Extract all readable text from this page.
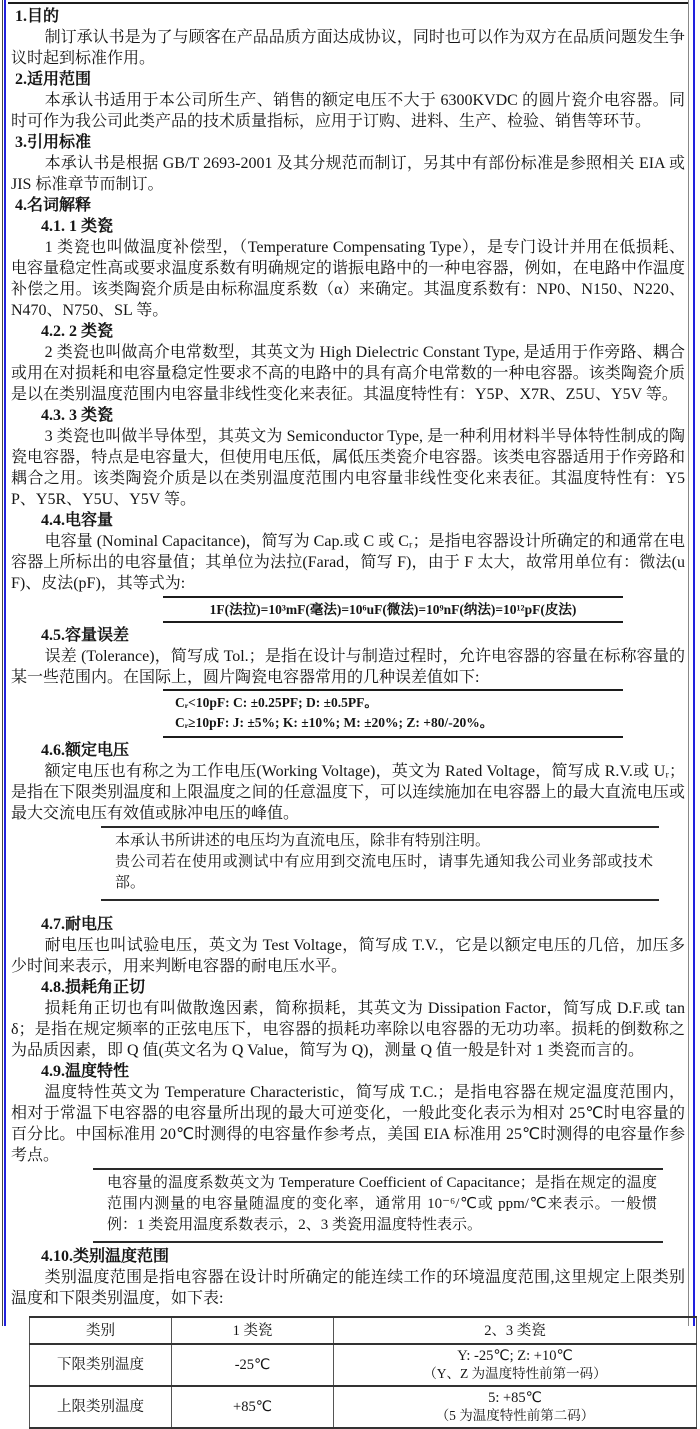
1.目的

制订承认书是为了与顾客在产品品质方面达成协议，同时也可以作为双方在品质问题发生争议时起到标准作用。

2.适用范围

本承认书适用于本公司所生产、销售的额定电压不大于 6300KVDC 的圆片瓷介电容器。同时可作为我公司此类产品的技术质量指标，应用于订购、进料、生产、检验、销售等环节。

3.引用标准

本承认书是根据 GB/T 2693-2001 及其分规范而制订，另其中有部份标准是参照相关 EIA 或 JIS 标准章节而制订。

4.名词解释
4.1. 1 类瓷

1 类瓷也叫做温度补偿型，（Temperature Compensating Type），是专门设计并用在低损耗、电容量稳定性高或要求温度系数有明确规定的谐振电路中的一种电容器，例如，在电路中作温度补偿之用。该类陶瓷介质是由标称温度系数（α）来确定。其温度系数有：NP0、N150、N220、N470、N750、SL 等。

4.2. 2 类瓷

2 类瓷也叫做高介电常数型，其英文为 High Dielectric Constant Type, 是适用于作旁路、耦合或用在对损耗和电容量稳定性要求不高的电路中的具有高介电常数的一种电容器。该类陶瓷介质是以在类别温度范围内电容量非线性变化来表征。其温度特性有：Y5P、X7R、Z5U、Y5V 等。

4.3. 3 类瓷

3 类瓷也叫做半导体型，其英文为 Semiconductor Type, 是一种利用材料半导体特性制成的陶瓷电容器，特点是电容量大，但使用电压低，属低压类瓷介电容器。该类电容器适用于作旁路和耦合之用。该类陶瓷介质是以在类别温度范围内电容量非线性变化来表征。其温度特性有：Y5P、Y5R、Y5U、Y5V 等。

4.4.电容量

电容量 (Nominal Capacitance)，简写为 Cap.或 C 或 Cᵣ；是指电容器设计所确定的和通常在电容器上所标出的电容量值；其单位为法拉(Farad，简写 F)，由于 F 太大，故常用单位有：微法(uF)、皮法(pF)，其等式为:

1F(法拉)=10³mF(毫法)=10⁶uF(微法)=10⁹nF(纳法)=10¹²pF(皮法)
4.5.容量误差

误差 (Tolerance)，简写成 Tol.；是指在设计与制造过程时，允许电容器的容量在标称容量的某一些范围内。在国际上，圆片陶瓷电容器常用的几种误差值如下:

Cᵣ<10pF: C: ±0.25PF; D: ±0.5PF。
Cᵣ≥10pF: J: ±5%; K: ±10%; M: ±20%; Z: +80/-20%。
4.6.额定电压

额定电压也有称之为工作电压(Working Voltage)，英文为 Rated Voltage，简写成 R.V.或 Uᵣ；是指在下限类别温度和上限温度之间的任意温度下，可以连续施加在电容器上的最大直流电压或最大交流电压有效值或脉冲电压的峰值。

本承认书所讲述的电压均为直流电压，除非有特别注明。
贵公司若在使用或测试中有应用到交流电压时，请事先通知我公司业务部或技术部。
4.7.耐电压

耐电压也叫试验电压，英文为 Test Voltage，简写成 T.V.，它是以额定电压的几倍，加压多少时间来表示，用来判断电容器的耐电压水平。

4.8.损耗角正切

损耗角正切也有叫做散逸因素，简称损耗，其英文为 Dissipation Factor，简写成 D.F.或 tanδ；是指在规定频率的正弦电压下，电容器的损耗功率除以电容器的无功功率。损耗的倒数称之为品质因素，即 Q 值(英文名为 Q Value，简写为 Q)，测量 Q 值一般是针对 1 类瓷而言的。

4.9.温度特性

温度特性英文为 Temperature Characteristic，简写成 T.C.；是指电容器在规定温度范围内，相对于常温下电容器的电容量所出现的最大可逆变化，一般此变化表示为相对 25℃时电容量的百分比。中国标准用 20℃时测得的电容量作参考点，美国 EIA 标准用 25℃时测得的电容量作参考点。

电容量的温度系数英文为 Temperature Coefficient of Capacitance；是指在规定的温度范围内测量的电容量随温度的变化率，通常用 10⁻⁶/℃或 ppm/℃来表示。一般惯例：1 类瓷用温度系数表示，2、3 类瓷用温度特性表示。
4.10.类别温度范围

类别温度范围是指电容器在设计时所确定的能连续工作的环境温度范围,这里规定上限类别温度和下限类别温度，如下表:

类别	1 类瓷	2、3 类瓷
下限类别温度	-25℃	Y: -25℃; Z: +10℃
（Y、Z 为温度特性前第一码）

上限类别温度	+85℃	5: +85℃
（5 为温度特性前第二码）
